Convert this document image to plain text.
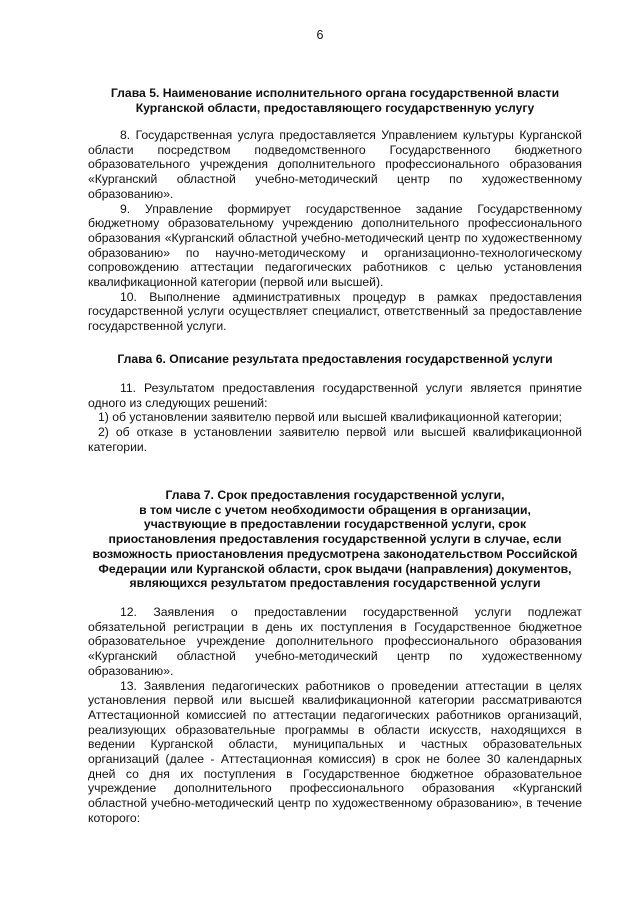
6
Глава 5. Наименование исполнительного органа государственной власти
Курганской области, предоставляющего государственную услугу

8. Государственная услуга предоставляется Управлением культуры Курганской области посредством подведомственного Государственного бюджетного образовательного учреждения дополнительного профессионального образования «Курганский областной учебно-методический центр по художественному образованию».

9. Управление формирует государственное задание Государственному бюджетному образовательному учреждению дополнительного профессионального образования «Курганский областной учебно-методический центр по художественному образованию» по научно-методическому и организационно-технологическому сопровождению аттестации педагогических работников с целью установления квалификационной категории (первой или высшей).

10. Выполнение административных процедур в рамках предоставления государственной услуги осуществляет специалист, ответственный за предоставление государственной услуги.

Глава 6. Описание результата предоставления государственной услуги

11. Результатом предоставления государственной услуги является принятие одного из следующих решений:

1) об установлении заявителю первой или высшей квалификационной категории;

2) об отказе в установлении заявителю первой или высшей квалификационной категории.

Глава 7. Срок предоставления государственной услуги,
в том числе с учетом необходимости обращения в организации,
участвующие в предоставлении государственной услуги, срок
приостановления предоставления государственной услуги в случае, если
возможность приостановления предусмотрена законодательством Российской
Федерации или Курганской области, срок выдачи (направления) документов,
являющихся результатом предоставления государственной услуги

12. Заявления о предоставлении государственной услуги подлежат обязательной регистрации в день их поступления в Государственное бюджетное образовательное учреждение дополнительного профессионального образования «Курганский областной учебно-методический центр по художественному образованию».

13. Заявления педагогических работников о проведении аттестации в целях установления первой или высшей квалификационной категории рассматриваются Аттестационной комиссией по аттестации педагогических работников организаций, реализующих образовательные программы в области искусств, находящихся в ведении Курганской области, муниципальных и частных образовательных организаций (далее - Аттестационная комиссия) в срок не более 30 календарных дней со дня их поступления в Государственное бюджетное образовательное учреждение дополнительного профессионального образования «Курганский областной учебно-методический центр по художественному образованию», в течение которого:
